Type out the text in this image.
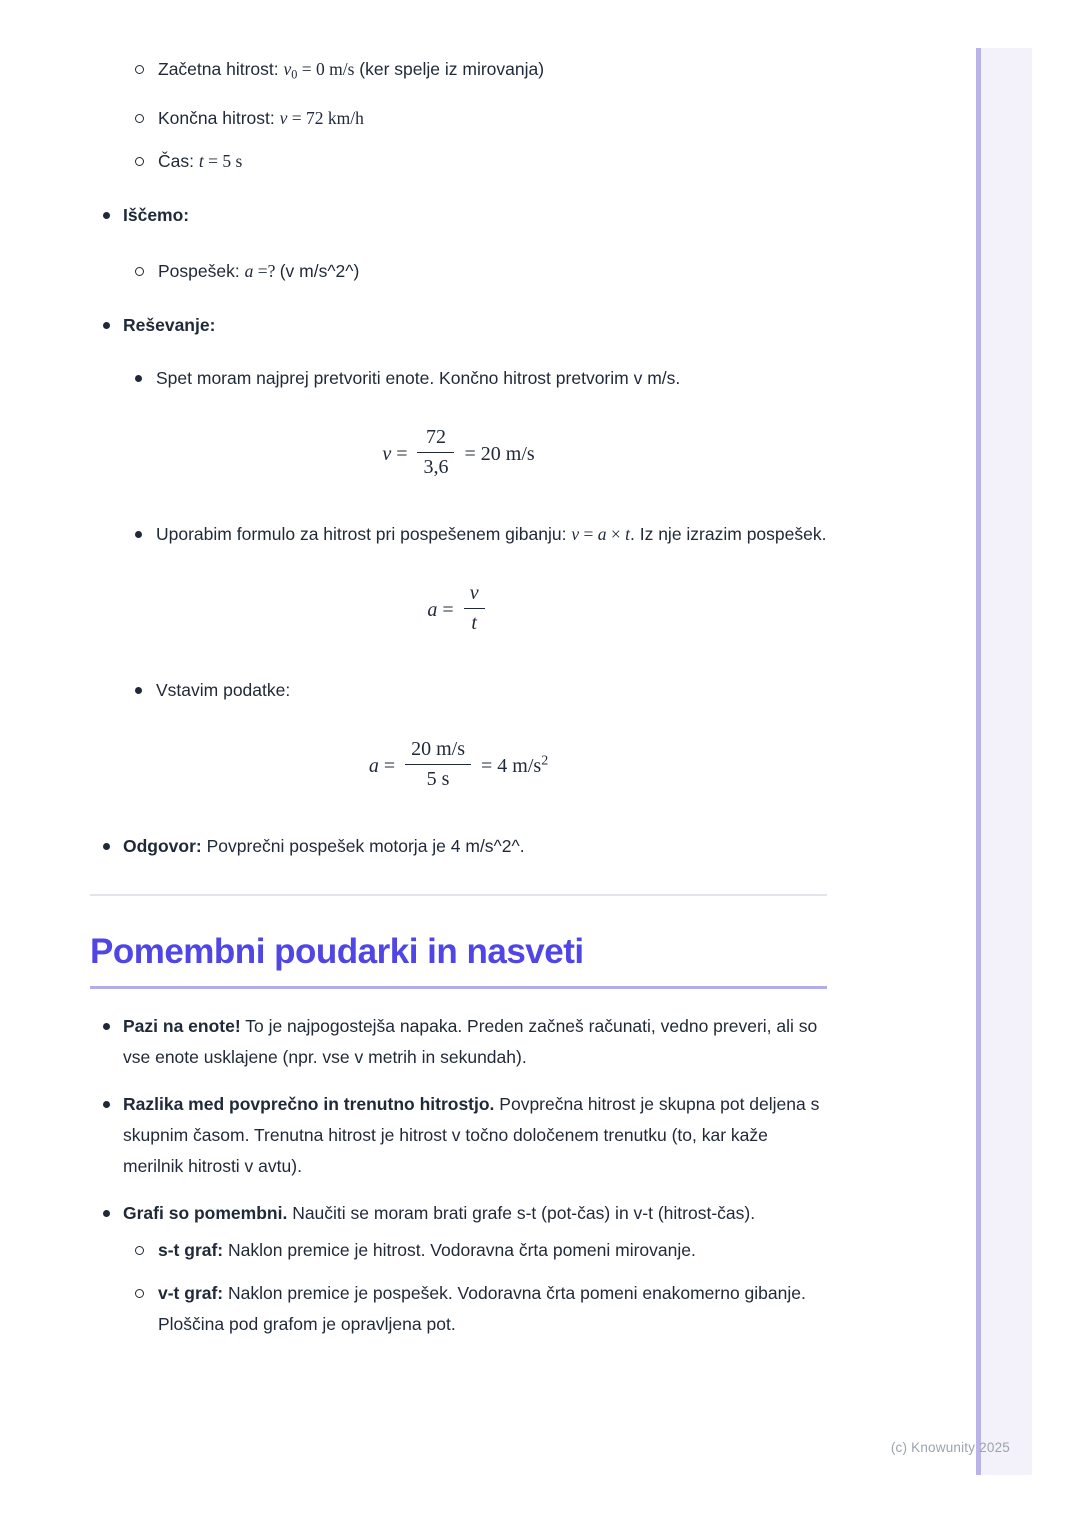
Začetna hitrost: $v_0 = 0$ m/s (ker spelje iz mirovanja)

Končna hitrost: v = 72 km/h

Čas: t = 5 s

Iščemo:

Pospešek: a =? (v m/s^2^)

Reševanje:

Spet moram najprej pretvoriti enote. Končno hitrost pretvorim v m/s.

$v = \frac{72}{3,6} = 20$ m/s

Uporabim formulo za hitrost pri pospešenem gibanju: v = a × t. Iz nje izrazim pospešek.

$a = \frac{v}{t}$

Vstavim podatke:

$a = \frac{20 m/s}{5 s} = 4$ $m/s^2$

Odgovor: Povprečni pospešek motorja je 4 m/s^2^.

Pomembni poudarki in nasveti

Pazi na enote! To je najpogostejša napaka. Preden začneš računati, vedno preveri, ali so vse enote usklajene (npr. vse v metrih in sekundah).

Razlika med povprečno in trenutno hitrostjo. Povprečna hitrost je skupna pot deljena s skupnim časom. Trenutna hitrost je hitrost v točno določenem trenutku (to, kar kaže merilnik hitrosti v avtu).

Grafi so pomembni. Naučiti se moram brati grafe s-t (pot-čas) in v-t (hitrost-čas).

s-t graf: Naklon premice je hitrost. Vodoravna črta pomeni mirovanje.

v-t graf: Naklon premice je pospešek. Vodoravna črta pomeni enakomerno gibanje. Ploščina pod grafom je opravljena pot.

(c) Knowunity 2025
